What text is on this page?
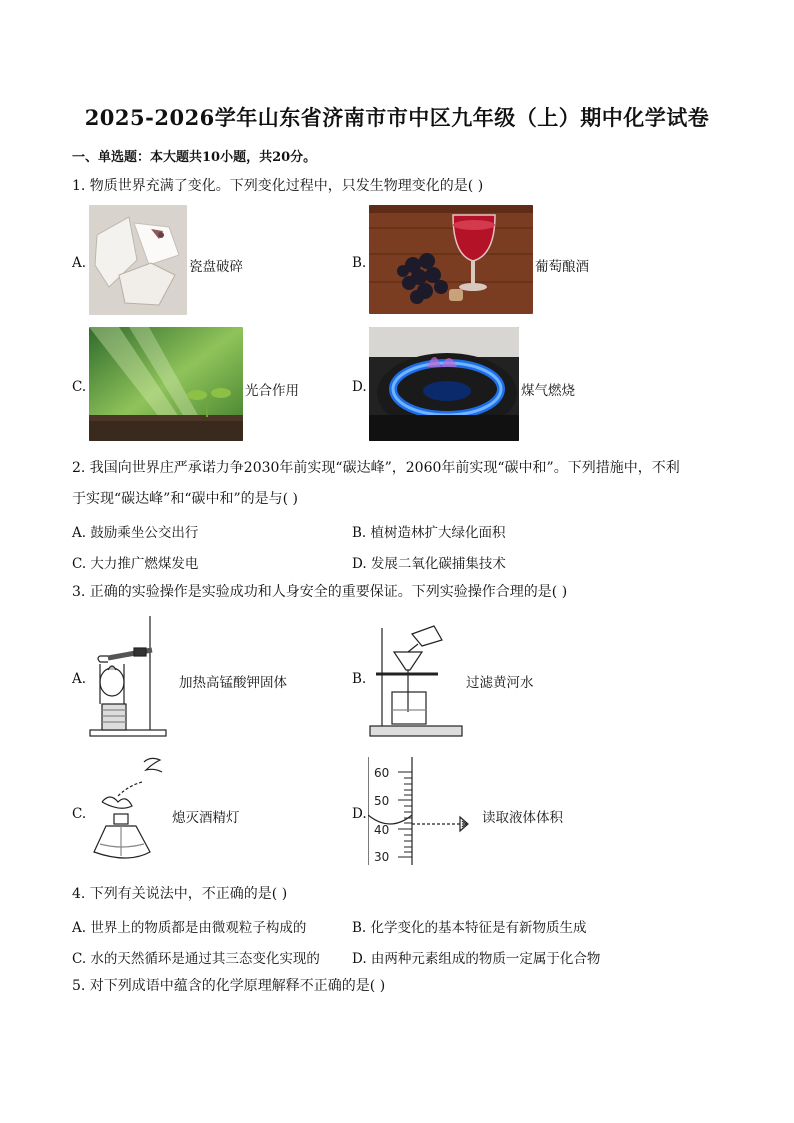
2025-2026学年山东省济南市市中区九年级（上）期中化学试卷
一、单选题：本大题共10小题，共20分。
1. 物质世界充满了变化。下列变化过程中，只发生物理变化的是( )
A.	瓷盘破碎	B.	葡萄酿酒
C.	光合作用	D.	煤气燃烧
2. 我国向世界庄严承诺力争2030年前实现“碳达峰”，2060年前实现“碳中和”。下列措施中，不利
于实现“碳达峰”和“碳中和”的是与( )
A. 鼓励乘坐公交出行	B. 植树造林扩大绿化面积
C. 大力推广燃煤发电	D. 发展二氧化碳捕集技术
3. 正确的实验操作是实验成功和人身安全的重要保证。下列实验操作合理的是( )
A.	加热高锰酸钾固体	B.	过滤黄河水
C.	熄灭酒精灯	D.
60
50
40
30
读取液体体积
4. 下列有关说法中，不正确的是( )
A. 世界上的物质都是由微观粒子构成的	B. 化学变化的基本特征是有新物质生成
C. 水的天然循环是通过其三态变化实现的 D. 由两种元素组成的物质一定属于化合物
5. 对下列成语中蕴含的化学原理解释不正确的是( )
